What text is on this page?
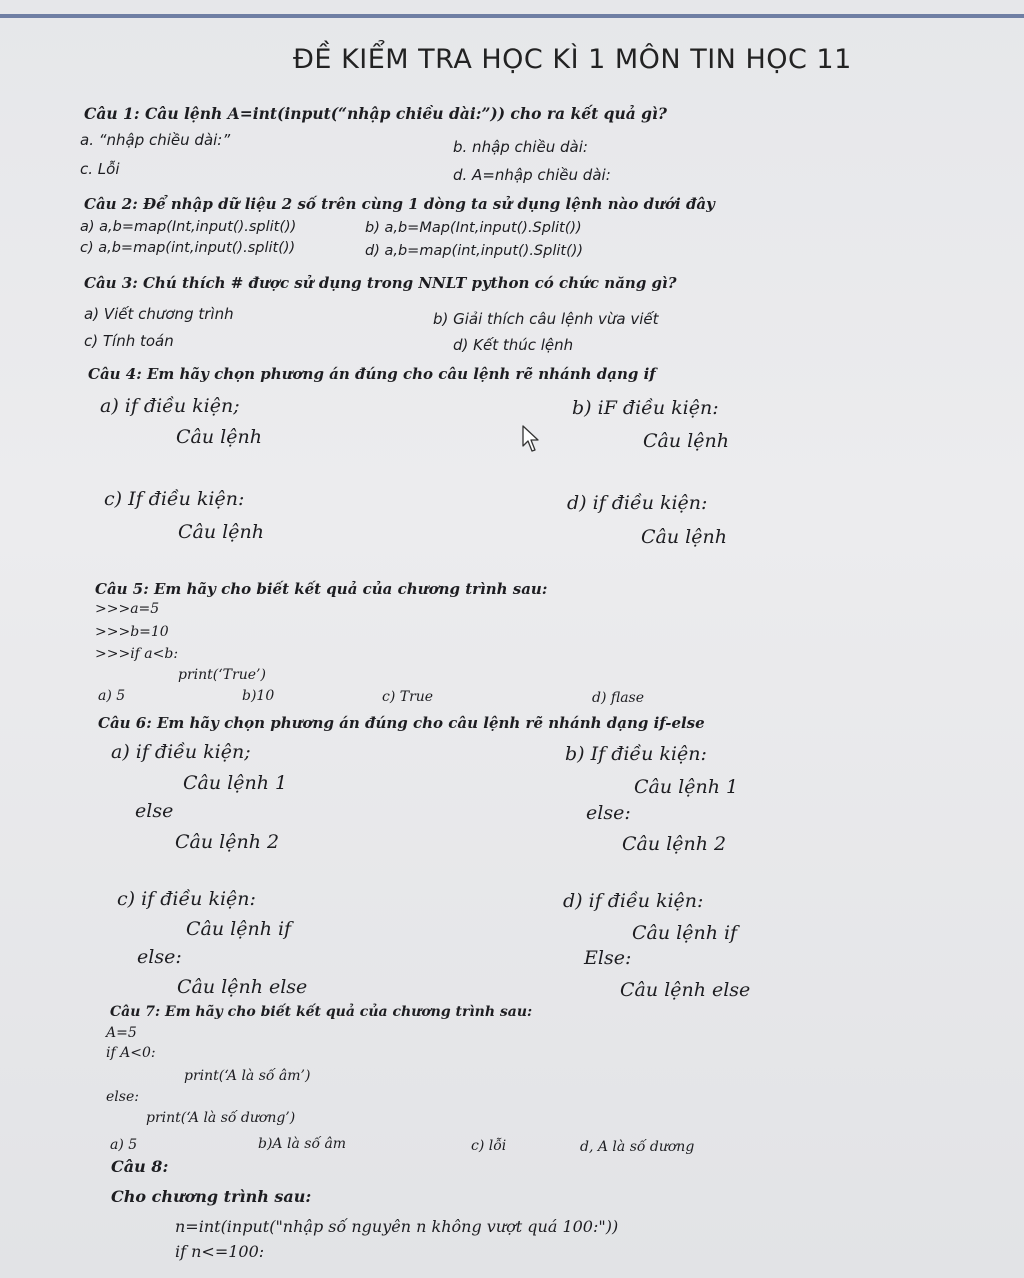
ĐỀ KIỂM TRA HỌC KÌ 1 MÔN TIN HỌC 11
Câu 1: Câu lệnh A=int(input(“nhập chiều dài:”)) cho ra kết quả gì?
a. “nhập chiều dài:”	b. nhập chiều dài:
c. Lỗi	d. A=nhập chiều dài:
Câu 2: Để nhập dữ liệu 2 số trên cùng 1 dòng ta sử dụng lệnh nào dưới đây
a) a,b=map(Int,input().split())	b) a,b=Map(Int,input().Split())
c) a,b=map(int,input().split())	d) a,b=map(int,input().Split())
Câu 3: Chú thích # được sử dụng trong NNLT python có chức năng gì?
a) Viết chương trình	b) Giải thích câu lệnh vừa viết
c) Tính toán	d) Kết thúc lệnh
Câu 4: Em hãy chọn phương án đúng cho câu lệnh rẽ nhánh dạng if
a) if điều kiện;
Câu lệnh
b) iF điều kiện:
Câu lệnh
c) If điều kiện:
Câu lệnh
d) if điều kiện:
Câu lệnh
Câu 5: Em hãy cho biết kết quả của chương trình sau:
>>>a=5
>>>b=10
>>>if a<b:
print(‘True’)
a) 5	b)10	c) True	d) flase
Câu 6: Em hãy chọn phương án đúng cho câu lệnh rẽ nhánh dạng if-else
a) if điều kiện;
Câu lệnh 1
else
Câu lệnh 2
b) If điều kiện:
Câu lệnh 1
else:
Câu lệnh 2
c) if điều kiện:
Câu lệnh if
else:
Câu lệnh else
d) if điều kiện:
Câu lệnh if
Else:
Câu lệnh else
Câu 7: Em hãy cho biết kết quả của chương trình sau:
A=5
if A<0:
print(‘A là số âm’)
else:
print(‘A là số dương’)
a) 5	b)A là số âm	c) lỗi	d, A là số dương
Câu 8:
Cho chương trình sau:
n=int(input("nhập số nguyên n không vượt quá 100:"))
if n<=100:
